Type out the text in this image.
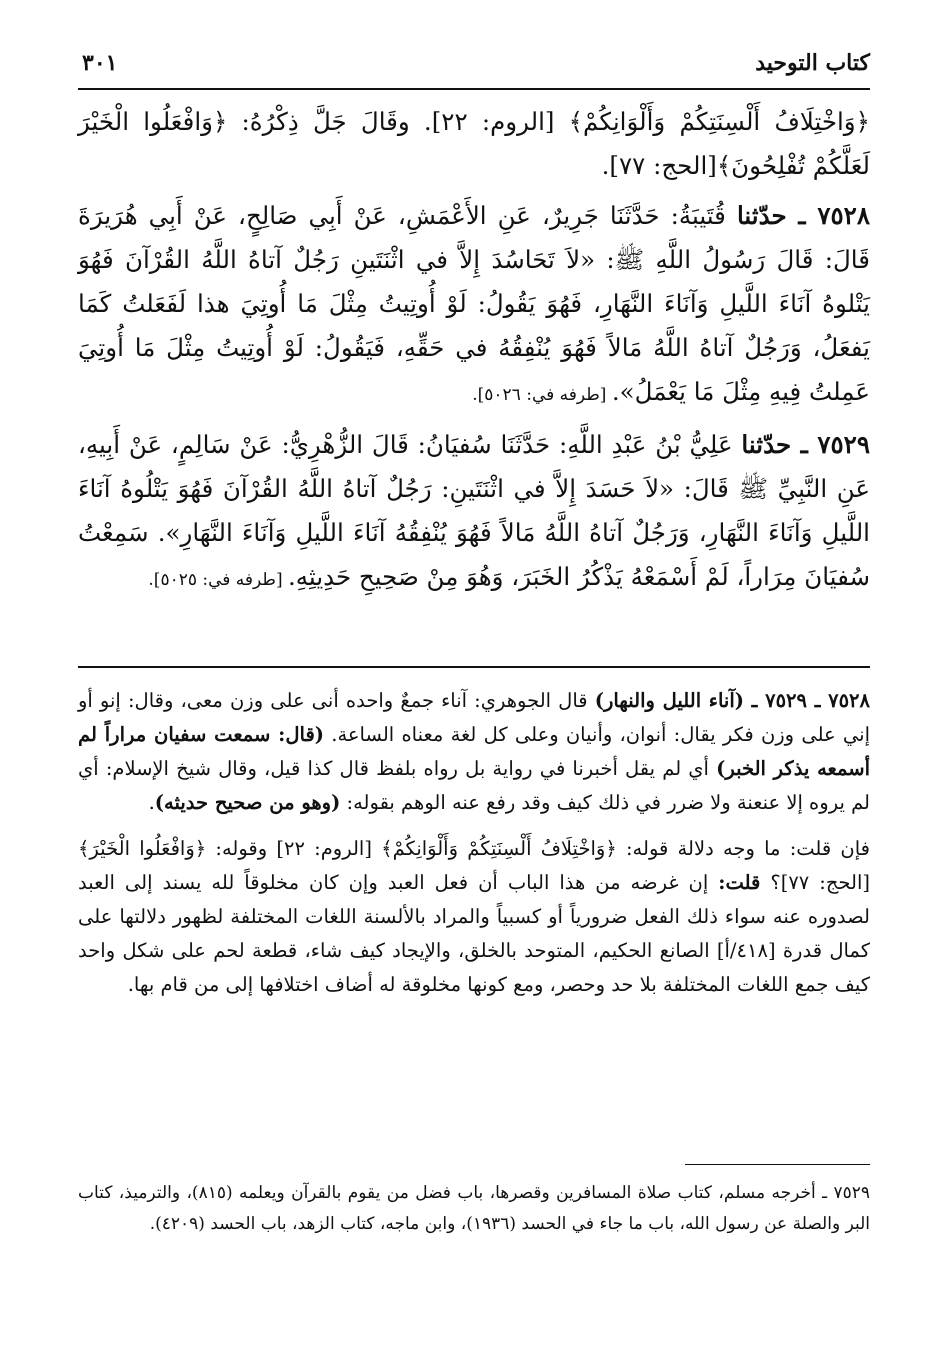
كتاب التوحيد
٣٠١

﴿وَاخْتِلَافُ أَلْسِنَتِكُمْ وَأَلْوَانِكُمْ﴾ [الروم: ٢٢]. وقَالَ جَلَّ ذِكْرُهُ: ﴿وَافْعَلُوا الْخَيْرَ لَعَلَّكُمْ تُفْلِحُونَ﴾[الحج: ٧٧].

٧٥٢٨ ـ حدّثنا قُتَيبَةُ: حَدَّثَنَا جَرِيرٌ، عَنِ الأَعْمَشِ، عَنْ أَبِي صَالِحٍ، عَنْ أَبِي هُرَيرَةَ قَالَ: قَالَ رَسُولُ اللَّهِ ﷺ: «لاَ تَحَاسُدَ إِلاَّ في اثْنَتَينِ رَجُلٌ آتاهُ اللَّهُ القُرْآنَ فَهُوَ يَتْلوهُ آنَاءَ اللَّيلِ وَآنَاءَ النَّهَارِ، فَهُوَ يَقُولُ: لَوْ أُوتِيتُ مِثْلَ مَا أُوتِيَ هذا لَفَعَلتُ كَمَا يَفعَلُ، وَرَجُلٌ آتاهُ اللَّهُ مَالاً فَهُوَ يُنْفِقُهُ في حَقِّهِ، فَيَقُولُ: لَوْ أُوتِيتُ مِثْلَ مَا أُوتِيَ عَمِلتُ فِيهِ مِثْلَ مَا يَعْمَلُ». [طرفه في: ٥٠٢٦].

٧٥٢٩ ـ حدّثنا عَلِيُّ بْنُ عَبْدِ اللَّهِ: حَدَّثَنَا سُفيَانُ: قَالَ الزُّهْرِيُّ: عَنْ سَالِمٍ، عَنْ أَبِيهِ، عَنِ النَّبِيِّ ﷺ قَالَ: «لاَ حَسَدَ إِلاَّ في اثْنَتَينِ: رَجُلٌ آتاهُ اللَّهُ القُرْآنَ فَهُوَ يَتْلُوهُ آنَاءَ اللَّيلِ وَآنَاءَ النَّهَارِ، وَرَجُلٌ آتاهُ اللَّهُ مَالاً فَهُوَ يُنْفِقُهُ آنَاءَ اللَّيلِ وَآنَاءَ النَّهَارِ». سَمِعْتُ سُفيَانَ مِرَاراً، لَمْ أَسْمَعْهُ يَذْكُرُ الخَبَرَ، وَهُوَ مِنْ صَحِيحِ حَدِيثِهِ. [طرفه في: ٥٠٢٥].

٧٥٢٨ ـ ٧٥٢٩ ـ (آناء الليل والنهار) قال الجوهري: آناء جمعٌ واحده أنى على وزن معى، وقال: إنو أو إني على وزن فكر يقال: أنوان، وأنيان وعلى كل لغة معناه الساعة. (قال: سمعت سفيان مراراً لم أسمعه يذكر الخبر) أي لم يقل أخبرنا في رواية بل رواه بلفظ قال كذا قيل، وقال شيخ الإسلام: أي لم يروه إلا عنعنة ولا ضرر في ذلك كيف وقد رفع عنه الوهم بقوله: (وهو من صحيح حديثه).

فإن قلت: ما وجه دلالة قوله: ﴿وَاخْتِلَافُ أَلْسِنَتِكُمْ وَأَلْوَانِكُمْ﴾ [الروم: ٢٢] وقوله: ﴿وَافْعَلُوا الْخَيْرَ﴾ [الحج: ٧٧]؟ قلت: إن غرضه من هذا الباب أن فعل العبد وإن كان مخلوقاً لله يسند إلى العبد لصدوره عنه سواء ذلك الفعل ضرورياً أو كسبياً والمراد بالألسنة اللغات المختلفة لظهور دلالتها على كمال قدرة [٤١٨/أ] الصانع الحكيم، المتوحد بالخلق، والإيجاد كيف شاء، قطعة لحم على شكل واحد كيف جمع اللغات المختلفة بلا حد وحصر، ومع كونها مخلوقة له أضاف اختلافها إلى من قام بها.

٧٥٢٩ ـ أخرجه مسلم، كتاب صلاة المسافرين وقصرها، باب فضل من يقوم بالقرآن ويعلمه (٨١٥)، والترميذ، كتاب البر والصلة عن رسول الله، باب ما جاء في الحسد (١٩٣٦)، وابن ماجه، كتاب الزهد، باب الحسد (٤٢٠٩).
